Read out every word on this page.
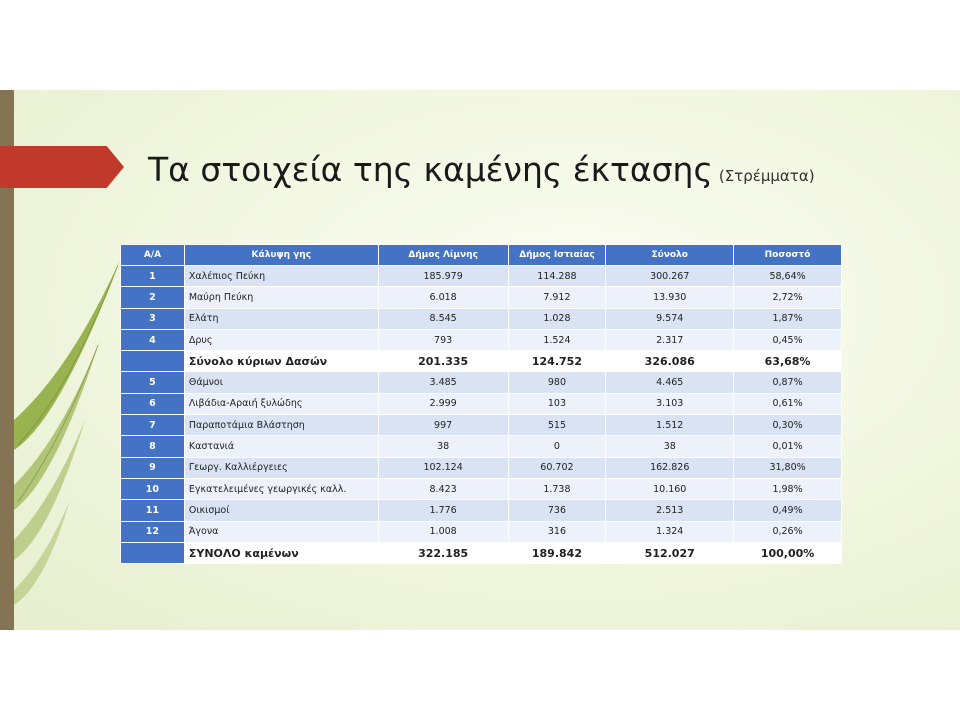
Τα στοιχεία της καμένης έκτασης (Στρέμματα)
Α/Α	Κάλυψη γης	Δήμος Λίμνης	Δήμος Ιστιαίας	Σύνολο	Ποσοστό
1	Χαλέπιος Πεύκη	185.979	114.288	300.267	58,64%
2	Μαύρη Πεύκη	6.018	7.912	13.930	2,72%
3	Ελάτη	8.545	1.028	9.574	1,87%
4	Δρυς	793	1.524	2.317	0,45%
	Σύνολο κύριων Δασών	201.335	124.752	326.086	63,68%
5	Θάμνοι	3.485	980	4.465	0,87%
6	Λιβάδια-Αραιή ξυλώδης	2.999	103	3.103	0,61%
7	Παραποτάμια Βλάστηση	997	515	1.512	0,30%
8	Καστανιά	38	0	38	0,01%
9	Γεωργ. Καλλιέργειες	102.124	60.702	162.826	31,80%
10	Εγκατελειμένες γεωργικές καλλ.	8.423	1.738	10.160	1,98%
11	Οικισμοί	1.776	736	2.513	0,49%
12	Άγονα	1.008	316	1.324	0,26%
	ΣΥΝΟΛΟ καμένων	322.185	189.842	512.027	100,00%
